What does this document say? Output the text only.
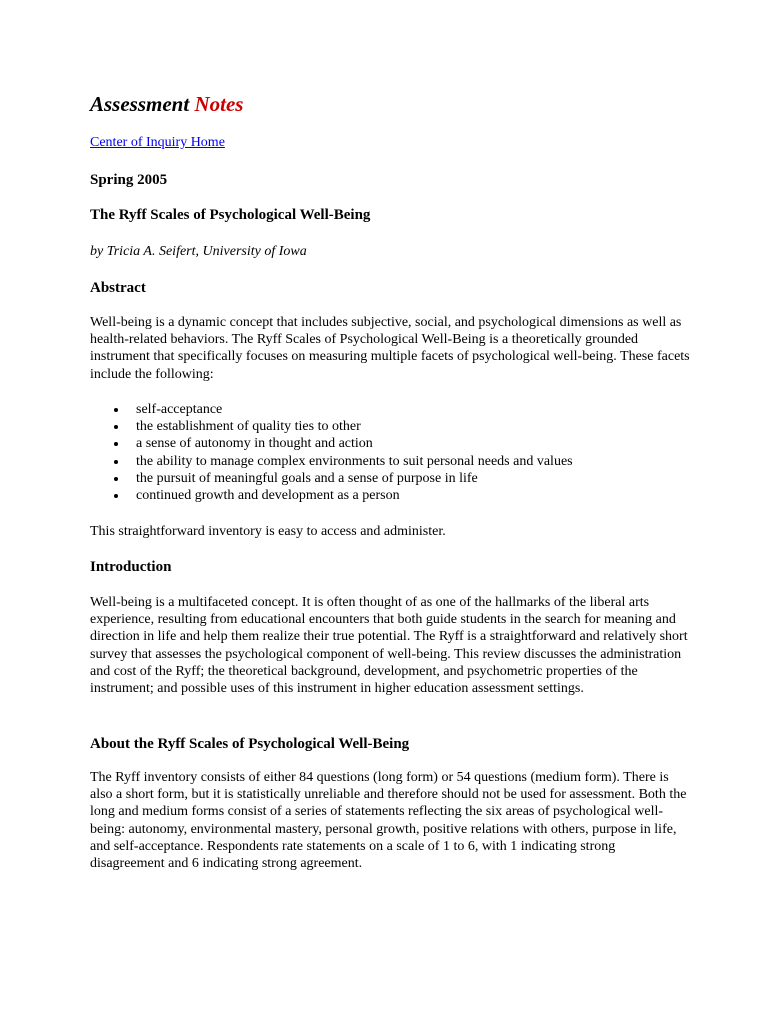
Assessment Notes
Center of Inquiry Home
Spring 2005
The Ryff Scales of Psychological Well-Being
by Tricia A. Seifert, University of Iowa
Abstract

Well-being is a dynamic concept that includes subjective, social, and psychological dimensions as well as health-related behaviors. The Ryff Scales of Psychological Well-Being is a theoretically grounded instrument that specifically focuses on measuring multiple facets of psychological well-being. These facets include the following:

self-acceptance
the establishment of quality ties to other
a sense of autonomy in thought and action
the ability to manage complex environments to suit personal needs and values
the pursuit of meaningful goals and a sense of purpose in life
continued growth and development as a person

This straightforward inventory is easy to access and administer.

Introduction

Well-being is a multifaceted concept. It is often thought of as one of the hallmarks of the liberal arts experience, resulting from educational encounters that both guide students in the search for meaning and direction in life and help them realize their true potential. The Ryff is a straightforward and relatively short survey that assesses the psychological component of well-being. This review discusses the administration and cost of the Ryff; the theoretical background, development, and psychometric properties of the instrument; and possible uses of this instrument in higher education assessment settings.

About the Ryff Scales of Psychological Well-Being

The Ryff inventory consists of either 84 questions (long form) or 54 questions (medium form). There is also a short form, but it is statistically unreliable and therefore should not be used for assessment. Both the long and medium forms consist of a series of statements reflecting the six areas of psychological well-being: autonomy, environmental mastery, personal growth, positive relations with others, purpose in life, and self-acceptance. Respondents rate statements on a scale of 1 to 6, with 1 indicating strong disagreement and 6 indicating strong agreement.
